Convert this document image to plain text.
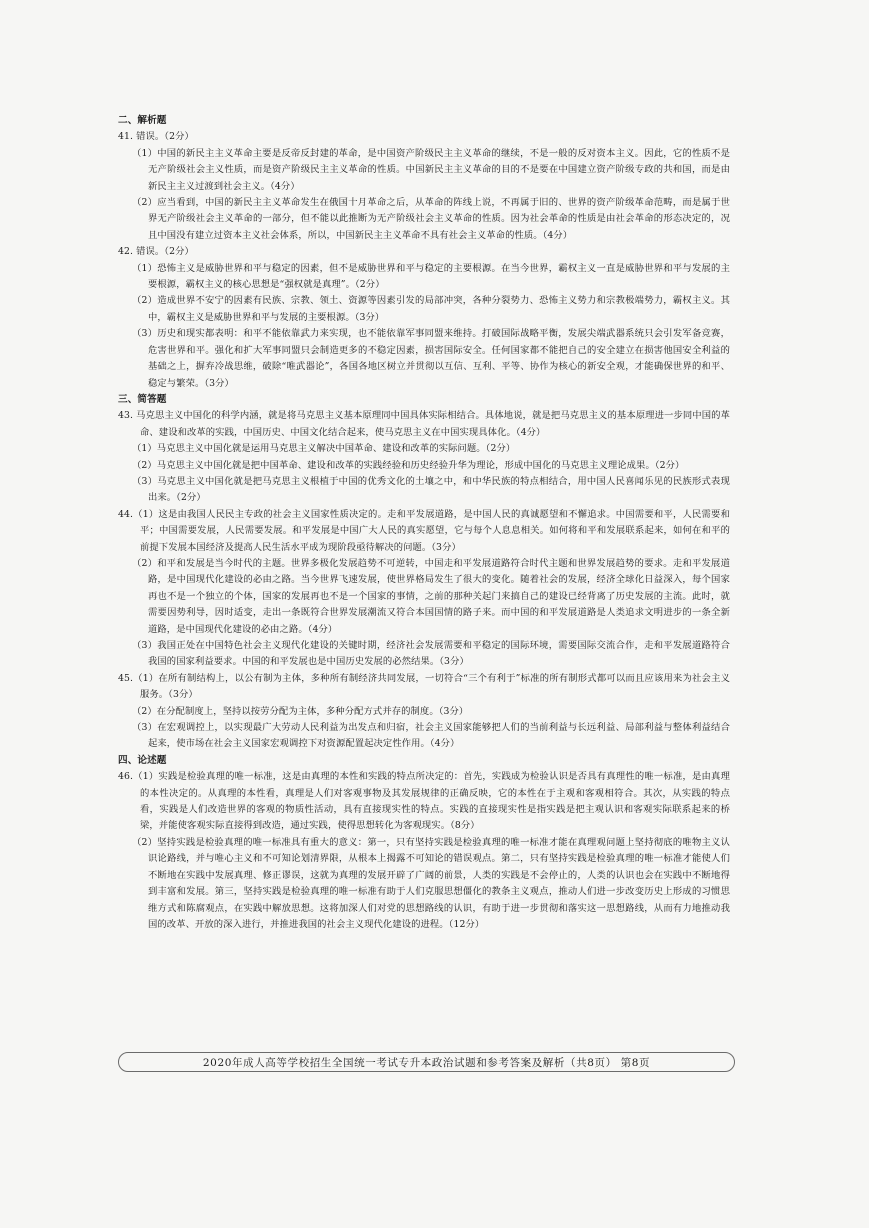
二、解析题
41. 错误。（2分）
（1）中国的新民主主义革命主要是反帝反封建的革命，是中国资产阶级民主主义革命的继续，不是一般的反对资本主义。因此，它的性质不是无产阶级社会主义性质，而是资产阶级民主主义革命的性质。中国新民主主义革命的目的不是要在中国建立资产阶级专政的共和国，而是由新民主主义过渡到社会主义。（4分）
（2）应当看到，中国的新民主主义革命发生在俄国十月革命之后，从革命的阵线上说，不再属于旧的、世界的资产阶级革命范畴，而是属于世界无产阶级社会主义革命的一部分，但不能以此推断为无产阶级社会主义革命的性质。因为社会革命的性质是由社会革命的形态决定的，况且中国没有建立过资本主义社会体系，所以，中国新民主主义革命不具有社会主义革命的性质。（4分）
42. 错误。（2分）
（1）恐怖主义是威胁世界和平与稳定的因素，但不是威胁世界和平与稳定的主要根源。在当今世界，霸权主义一直是威胁世界和平与发展的主要根源，霸权主义的核心思想是“强权就是真理”。（2分）
（2）造成世界不安宁的因素有民族、宗教、领土、资源等因素引发的局部冲突，各种分裂势力、恐怖主义势力和宗教极端势力，霸权主义。其中，霸权主义是威胁世界和平与发展的主要根源。（3分）
（3）历史和现实都表明：和平不能依靠武力来实现，也不能依靠军事同盟来维持。打破国际战略平衡，发展尖端武器系统只会引发军备竞赛，危害世界和平。强化和扩大军事同盟只会制造更多的不稳定因素，损害国际安全。任何国家都不能把自己的安全建立在损害他国安全利益的基础之上，摒弃冷战思维，破除“唯武器论”，各国各地区树立并贯彻以互信、互利、平等、协作为核心的新安全观，才能确保世界的和平、稳定与繁荣。（3分）
三、简答题
43. 马克思主义中国化的科学内涵，就是将马克思主义基本原理同中国具体实际相结合。具体地说，就是把马克思主义的基本原理进一步同中国的革命、建设和改革的实践，中国历史、中国文化结合起来，使马克思主义在中国实现具体化。（4分）
（1）马克思主义中国化就是运用马克思主义解决中国革命、建设和改革的实际问题。（2分）
（2）马克思主义中国化就是把中国革命、建设和改革的实践经验和历史经验升华为理论，形成中国化的马克思主义理论成果。（2分）
（3）马克思主义中国化就是把马克思主义根植于中国的优秀文化的土壤之中，和中华民族的特点相结合，用中国人民喜闻乐见的民族形式表现出来。（2分）
44.（1）这是由我国人民民主专政的社会主义国家性质决定的。走和平发展道路，是中国人民的真诚愿望和不懈追求。中国需要和平，人民需要和平；中国需要发展，人民需要发展。和平发展是中国广大人民的真实愿望，它与每个人息息相关。如何将和平和发展联系起来，如何在和平的前提下发展本国经济及提高人民生活水平成为现阶段亟待解决的问题。（3分）
（2）和平和发展是当今时代的主题。世界多极化发展趋势不可逆转，中国走和平发展道路符合时代主题和世界发展趋势的要求。走和平发展道路，是中国现代化建设的必由之路。当今世界飞速发展，使世界格局发生了很大的变化。随着社会的发展，经济全球化日益深入，每个国家再也不是一个独立的个体，国家的发展再也不是一个国家的事情，之前的那种关起门来搞自己的建设已经背离了历史发展的主流。此时，就需要因势利导，因时适变，走出一条既符合世界发展潮流又符合本国国情的路子来。而中国的和平发展道路是人类追求文明进步的一条全新道路，是中国现代化建设的必由之路。（4分）
（3）我国正处在中国特色社会主义现代化建设的关键时期，经济社会发展需要和平稳定的国际环境，需要国际交流合作，走和平发展道路符合我国的国家利益要求。中国的和平发展也是中国历史发展的必然结果。（3分）
45.（1）在所有制结构上，以公有制为主体，多种所有制经济共同发展，一切符合“三个有利于”标准的所有制形式都可以而且应该用来为社会主义服务。（3分）
（2）在分配制度上，坚持以按劳分配为主体，多种分配方式并存的制度。（3分）
（3）在宏观调控上，以实现最广大劳动人民利益为出发点和归宿，社会主义国家能够把人们的当前利益与长远利益、局部利益与整体利益结合起来，使市场在社会主义国家宏观调控下对资源配置起决定性作用。（4分）
四、论述题
46.（1）实践是检验真理的唯一标准，这是由真理的本性和实践的特点所决定的：首先，实践成为检验认识是否具有真理性的唯一标准，是由真理的本性决定的。从真理的本性看，真理是人们对客观事物及其发展规律的正确反映，它的本性在于主观和客观相符合。其次，从实践的特点看，实践是人们改造世界的客观的物质性活动，具有直接现实性的特点。实践的直接现实性是指实践是把主观认识和客观实际联系起来的桥梁，并能使客观实际直接得到改造，通过实践，使得思想转化为客观现实。（8分）
（2）坚持实践是检验真理的唯一标准具有重大的意义：第一，只有坚持实践是检验真理的唯一标准才能在真理观问题上坚持彻底的唯物主义认识论路线，并与唯心主义和不可知论划清界限，从根本上揭露不可知论的错误观点。第二，只有坚持实践是检验真理的唯一标准才能使人们不断地在实践中发展真理、修正谬误，这就为真理的发展开辟了广阔的前景，人类的实践是不会停止的，人类的认识也会在实践中不断地得到丰富和发展。第三，坚持实践是检验真理的唯一标准有助于人们克服思想僵化的教条主义观点，推动人们进一步改变历史上形成的习惯思维方式和陈腐观点，在实践中解放思想。这将加深人们对党的思想路线的认识，有助于进一步贯彻和落实这一思想路线，从而有力地推动我国的改革、开放的深入进行，并推进我国的社会主义现代化建设的进程。（12分）
2020年成人高等学校招生全国统一考试专升本政治试题和参考答案及解析（共8页） 第8页
